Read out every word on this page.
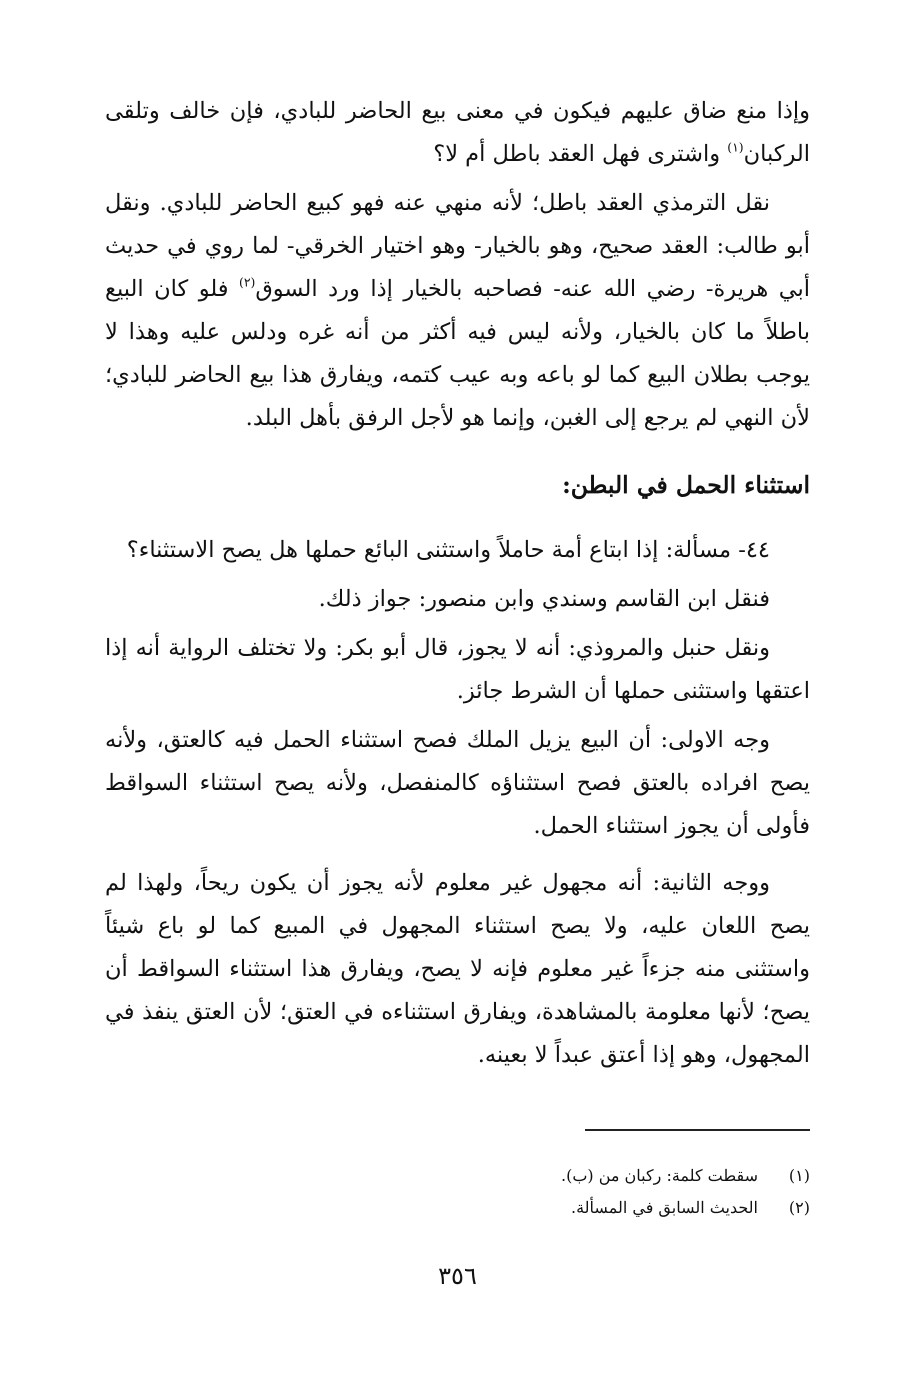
وإذا منع ضاق عليهم فيكون في معنى بيع الحاضر للبادي، فإن خالف وتلقى الركبان$^{(١)}$ واشترى فهل العقد باطل أم لا؟

نقل الترمذي العقد باطل؛ لأنه منهي عنه فهو كبيع الحاضر للبادي. ونقل أبو طالب: العقد صحيح، وهو بالخيار- وهو اختيار الخرقي- لما روي في حديث أبي هريرة- رضي الله عنه- فصاحبه بالخيار إذا ورد السوق$^{(٢)}$ فلو كان البيع باطلاً ما كان بالخيار، ولأنه ليس فيه أكثر من أنه غره ودلس عليه وهذا لا يوجب بطلان البيع كما لو باعه وبه عيب كتمه، ويفارق هذا بيع الحاضر للبادي؛ لأن النهي لم يرجع إلى الغبن، وإنما هو لأجل الرفق بأهل البلد.

استثناء الحمل في البطن:

٤٤- مسألة: إذا ابتاع أمة حاملاً واستثنى البائع حملها هل يصح الاستثناء؟

فنقل ابن القاسم وسندي وابن منصور: جواز ذلك.

ونقل حنبل والمروذي: أنه لا يجوز، قال أبو بكر: ولا تختلف الرواية أنه إذا اعتقها واستثنى حملها أن الشرط جائز.

وجه الاولى: أن البيع يزيل الملك فصح استثناء الحمل فيه كالعتق، ولأنه يصح افراده بالعتق فصح استثناؤه كالمنفصل، ولأنه يصح استثناء السواقط فأولى أن يجوز استثناء الحمل.

ووجه الثانية: أنه مجهول غير معلوم لأنه يجوز أن يكون ريحاً، ولهذا لم يصح اللعان عليه، ولا يصح استثناء المجهول في المبيع كما لو باع شيئاً واستثنى منه جزءاً غير معلوم فإنه لا يصح، ويفارق هذا استثناء السواقط أن يصح؛ لأنها معلومة بالمشاهدة، ويفارق استثناءه في العتق؛ لأن العتق ينفذ في المجهول، وهو إذا أعتق عبداً لا بعينه.

(١)
سقطت كلمة: ركبان من (ب).
(٢)
الحديث السابق في المسألة.
٣٥٦
